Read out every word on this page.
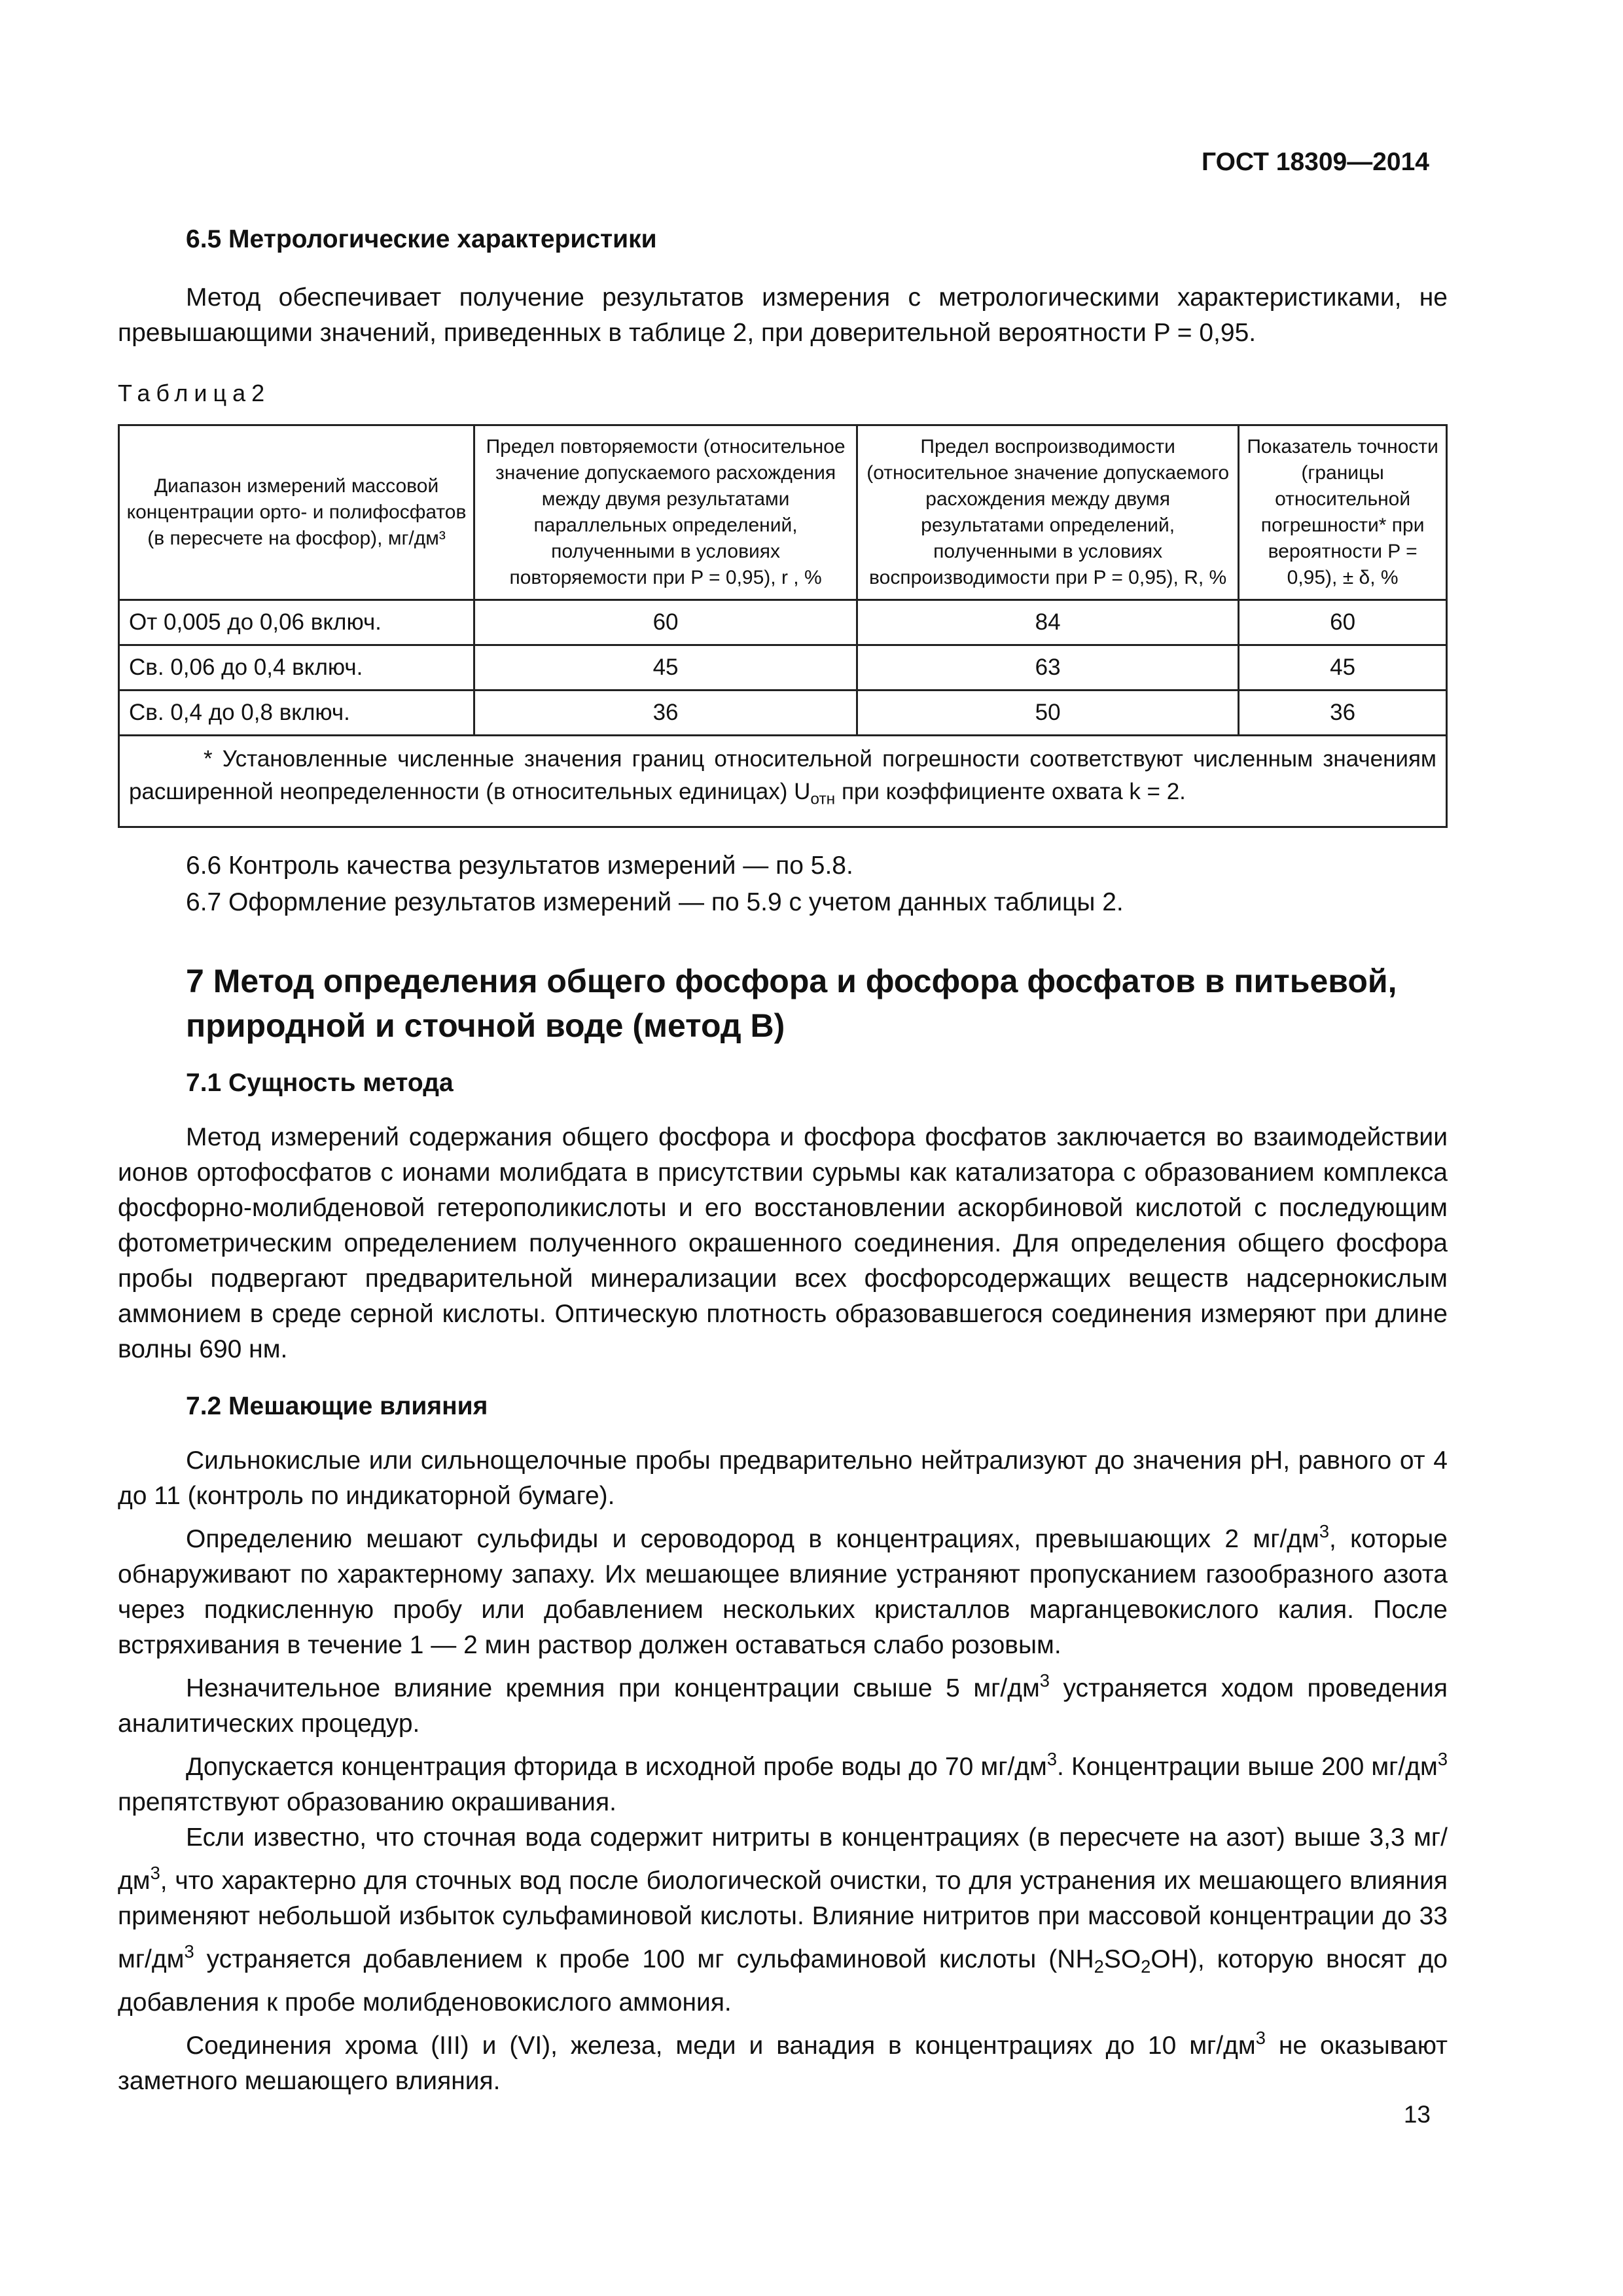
ГОСТ 18309—2014
6.5 Метрологические характеристики

Метод обеспечивает получение результатов измерения с метрологическими характеристиками, не превышающими значений, приведенных в таблице 2, при доверительной вероятности P = 0,95.

Таблица2
Диапазон измерений массовой концентрации орто- и полифосфатов (в пересчете на фосфор), мг/дм³	Предел повторяемости (относительное значение допускаемого расхождения между двумя результатами параллельных определений, полученными в условиях повторяемости при P = 0,95), r , %	Предел воспроизводимости (относительное значение допускаемого расхождения между двумя результатами определений, полученными в условиях воспроизводимости при P = 0,95), R, %	Показатель точности (границы относительной погрешности* при вероятности P = 0,95), ± δ, %
От 0,005 до 0,06 включ.	60	84	60
Св. 0,06 до 0,4 включ.	45	63	45
Св. 0,4 до 0,8 включ.	36	50	36
* Установленные численные значения границ относительной погрешности соответствуют численным значениям расширенной неопределенности (в относительных единицах) $U_{отн}$ при коэффициенте охвата k = 2.			

6.6 Контроль качества результатов измерений — по 5.8.

6.7 Оформление результатов измерений — по 5.9 с учетом данных таблицы 2.

7 Метод определения общего фосфора и фосфора фосфатов в питьевой,
природной и сточной воде (метод В)
7.1 Сущность метода

Метод измерений содержания общего фосфора и фосфора фосфатов заключается во взаимодействии ионов ортофосфатов с ионами молибдата в присутствии сурьмы как катализатора с образованием комплекса фосфорно-молибденовой гетерополикислоты и его восстановлении аскорбиновой кислотой с последующим фотометрическим определением полученного окрашенного соединения. Для определения общего фосфора пробы подвергают предварительной минерализации всех фосфорсодержащих веществ надсернокислым аммонием в среде серной кислоты. Оптическую плотность образовавшегося соединения измеряют при длине волны 690 нм.

7.2 Мешающие влияния

Сильнокислые или сильнощелочные пробы предварительно нейтрализуют до значения pH, равного от 4 до 11 (контроль по индикаторной бумаге).

Определению мешают сульфиды и сероводород в концентрациях, превышающих 2 $мг/дм^3$, которые обнаруживают по характерному запаху. Их мешающее влияние устраняют пропусканием газообразного азота через подкисленную пробу или добавлением нескольких кристаллов марганцевокислого калия. После встряхивания в течение 1 — 2 мин раствор должен оставаться слабо розовым.

Незначительное влияние кремния при концентрации свыше 5 $мг/дм^3$ устраняется ходом проведения аналитических процедур.

Допускается концентрация фторида в исходной пробе воды до 70 $мг/дм^3$. Концентрации выше 200 $мг/дм^3$ препятствуют образованию окрашивания.

Если известно, что сточная вода содержит нитриты в концентрациях (в пересчете на азот) выше 3,3 $мг/дм^3$, что характерно для сточных вод после биологической очистки, то для устранения их мешающего влияния применяют небольшой избыток сульфаминовой кислоты. Влияние нитритов при массовой концентрации до 33 $мг/дм^3$ устраняется добавлением к пробе 100 мг сульфаминовой кислоты $(NH_2SO_2OH)$, которую вносят до добавления к пробе молибденовокислого аммония.

Соединения хрома (III) и (VI), железа, меди и ванадия в концентрациях до 10 $мг/дм^3$ не оказывают заметного мешающего влияния.

13
